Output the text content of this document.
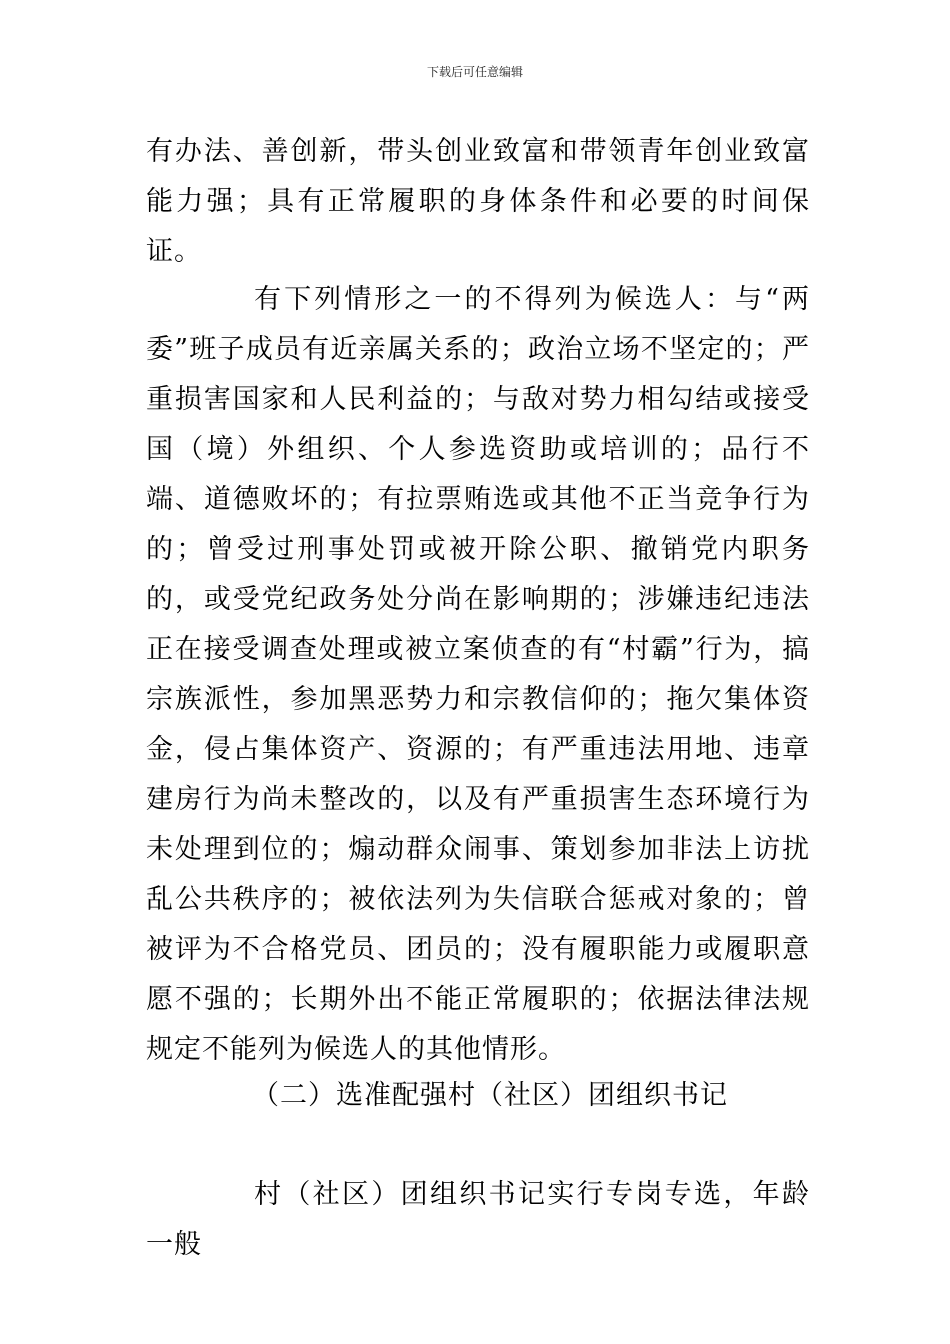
下载后可任意编辑

有办法、善创新，带头创业致富和带领青年创业致富能力强；具有正常履职的身体条件和必要的时间保证。

有下列情形之一的不得列为候选人：与“两委”班子成员有近亲属关系的；政治立场不坚定的；严重损害国家和人民利益的；与敌对势力相勾结或接受国（境）外组织、个人参选资助或培训的；品行不端、道德败坏的；有拉票贿选或其他不正当竞争行为的；曾受过刑事处罚或被开除公职、撤销党内职务的，或受党纪政务处分尚在影响期的；涉嫌违纪违法正在接受调查处理或被立案侦查的有“村霸”行为，搞宗族派性，参加黑恶势力和宗教信仰的；拖欠集体资金，侵占集体资产、资源的；有严重违法用地、违章建房行为尚未整改的，以及有严重损害生态环境行为未处理到位的；煽动群众闹事、策划参加非法上访扰乱公共秩序的；被依法列为失信联合惩戒对象的；曾被评为不合格党员、团员的；没有履职能力或履职意愿不强的；长期外出不能正常履职的；依据法律法规规定不能列为候选人的其他情形。

（二）选准配强村（社区）团组织书记

村（社区）团组织书记实行专岗专选，年龄一般
